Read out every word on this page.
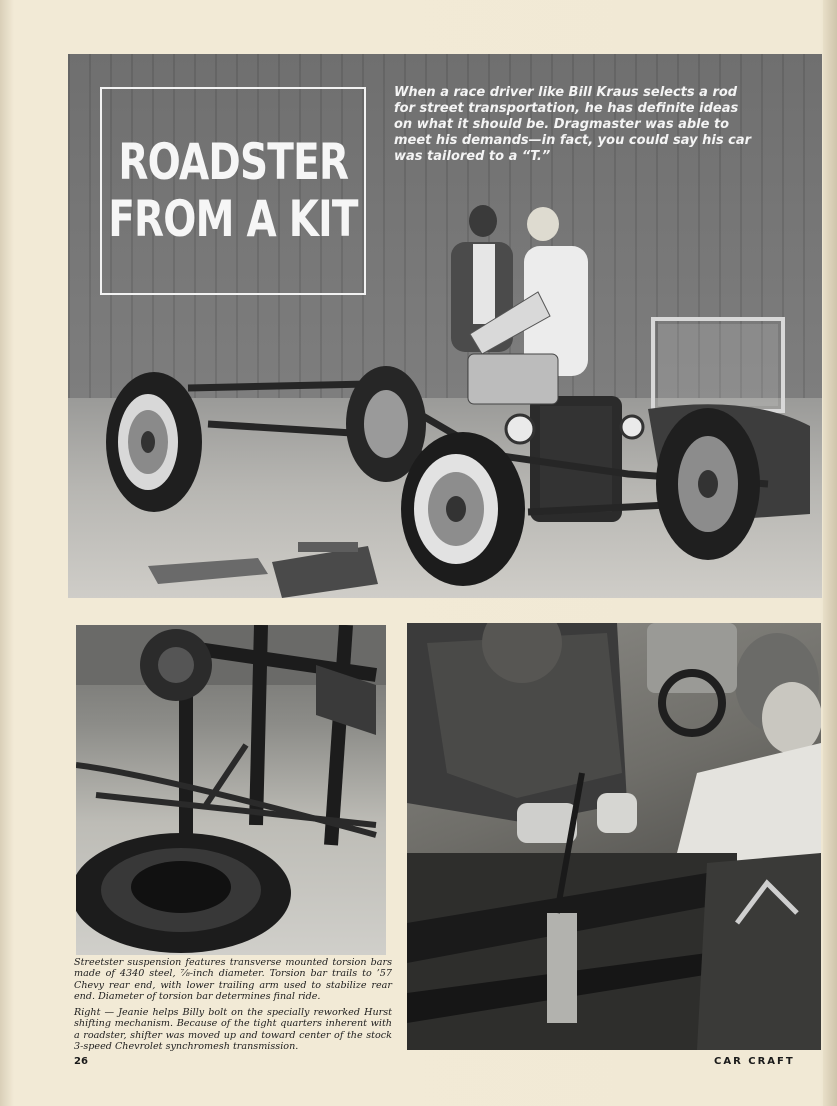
ROADSTER
FROM A KIT

When a race driver like Bill Kraus selects a rod for street transportation, he has definite ideas on what it should be. Dragmaster was able to meet his demands—in fact, you could say his car was tailored to a “T.”

Streetster suspension features transverse mounted torsion bars made of 4340 steel, ⅞-inch diameter. Torsion bar trails to ’57 Chevy rear end, with lower trailing arm used to stabilize rear end. Diameter of torsion bar determines final ride.

Right — Jeanie helps Billy bolt on the specially reworked Hurst shifting mechanism. Because of the tight quarters inherent with a roadster, shifter was moved up and toward center of the stock 3-speed Chevrolet synchromesh transmission.

26	CAR CRAFT
